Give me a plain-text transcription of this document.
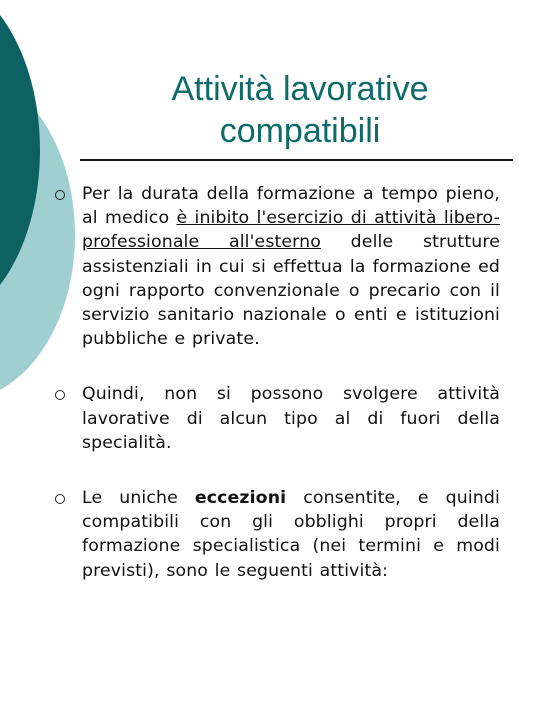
Attività lavorative
compatibili
Per la durata della formazione a tempo pieno, al medico è inibito l'esercizio di attività libero-professionale all'esterno delle strutture assistenziali in cui si effettua la formazione ed ogni rapporto convenzionale o precario con il servizio sanitario nazionale o enti e istituzioni pubbliche e private.
Quindi, non si possono svolgere attività lavorative di alcun tipo al di fuori della specialità.
Le uniche eccezioni consentite, e quindi compatibili con gli obblighi propri della formazione specialistica (nei termini e modi previsti), sono le seguenti attività:
